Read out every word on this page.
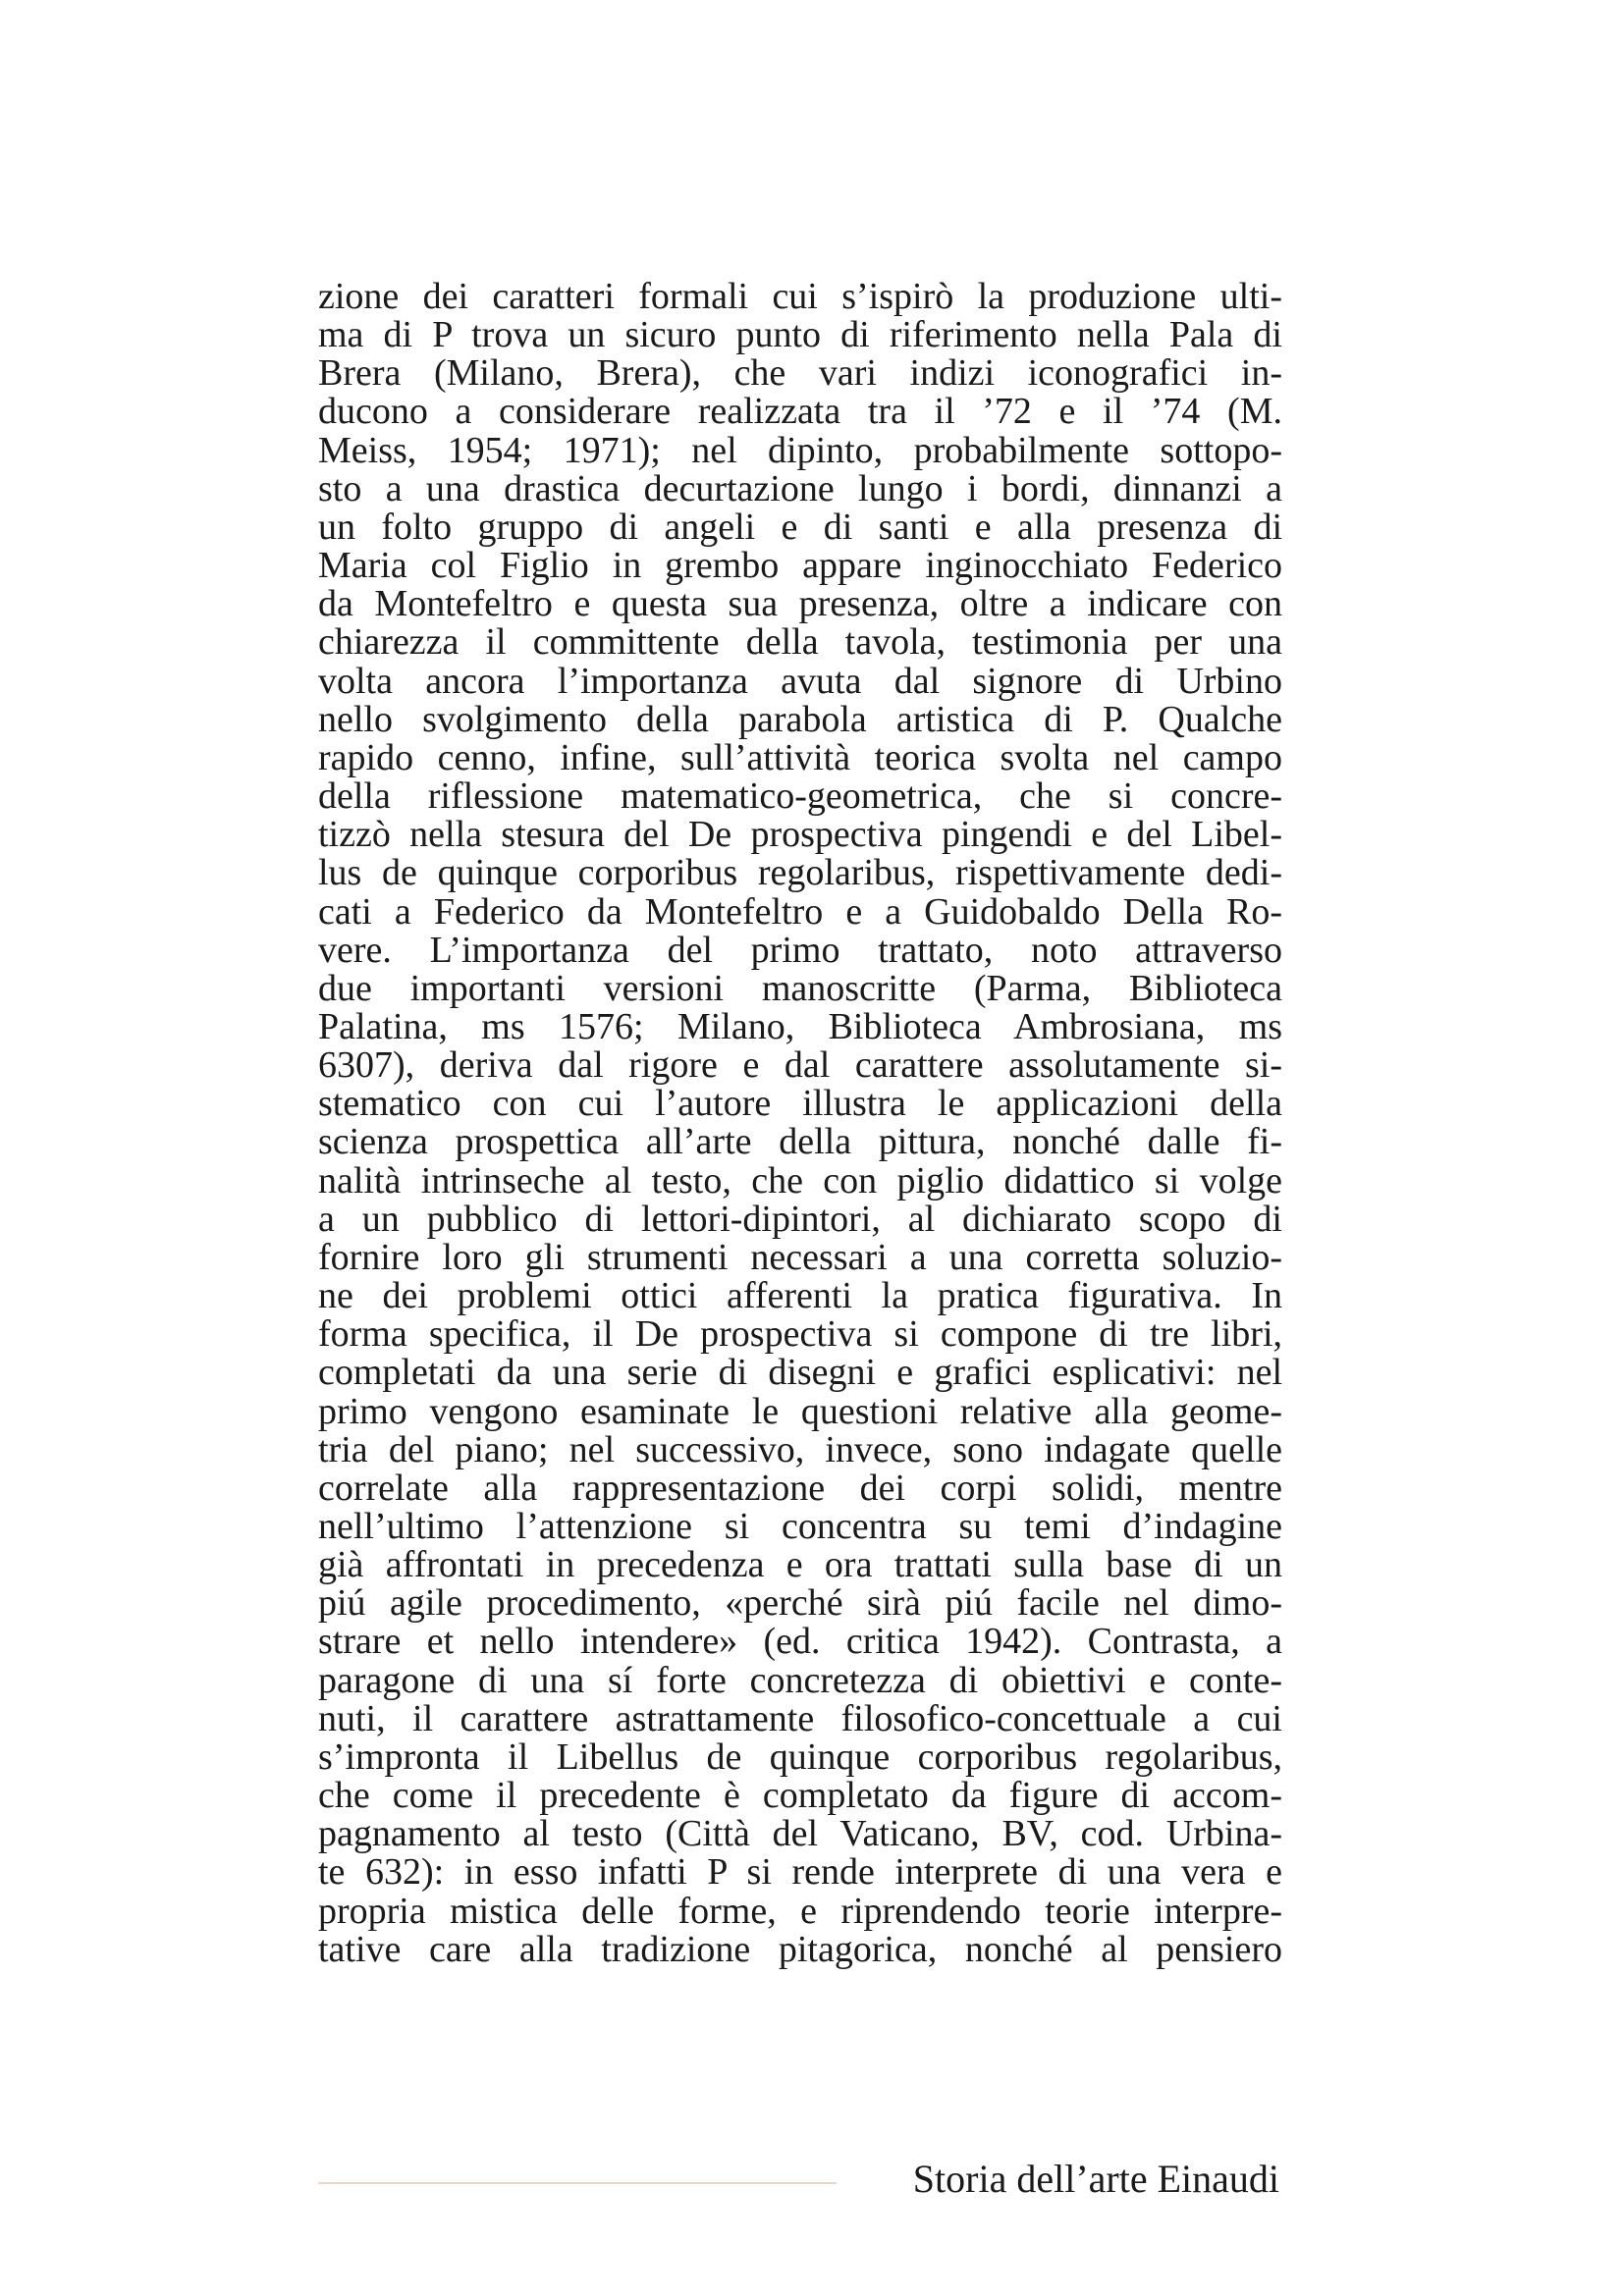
zione dei caratteri formali cui s’ispirò la produzione ulti-
ma di P trova un sicuro punto di riferimento nella Pala di
Brera (Milano, Brera), che vari indizi iconografici in-
ducono a considerare realizzata tra il ’72 e il ’74 (M.
Meiss, 1954; 1971); nel dipinto, probabilmente sottopo-
sto a una drastica decurtazione lungo i bordi, dinnanzi a
un folto gruppo di angeli e di santi e alla presenza di
Maria col Figlio in grembo appare inginocchiato Federico
da Montefeltro e questa sua presenza, oltre a indicare con
chiarezza il committente della tavola, testimonia per una
volta ancora l’importanza avuta dal signore di Urbino
nello svolgimento della parabola artistica di P. Qualche
rapido cenno, infine, sull’attività teorica svolta nel campo
della riflessione matematico-geometrica, che si concre-
tizzò nella stesura del De prospectiva pingendi e del Libel-
lus de quinque corporibus regolaribus, rispettivamente dedi-
cati a Federico da Montefeltro e a Guidobaldo Della Ro-
vere. L’importanza del primo trattato, noto attraverso
due importanti versioni manoscritte (Parma, Biblioteca
Palatina, ms 1576; Milano, Biblioteca Ambrosiana, ms
6307), deriva dal rigore e dal carattere assolutamente si-
stematico con cui l’autore illustra le applicazioni della
scienza prospettica all’arte della pittura, nonché dalle fi-
nalità intrinseche al testo, che con piglio didattico si volge
a un pubblico di lettori-dipintori, al dichiarato scopo di
fornire loro gli strumenti necessari a una corretta soluzio-
ne dei problemi ottici afferenti la pratica figurativa. In
forma specifica, il De prospectiva si compone di tre libri,
completati da una serie di disegni e grafici esplicativi: nel
primo vengono esaminate le questioni relative alla geome-
tria del piano; nel successivo, invece, sono indagate quelle
correlate alla rappresentazione dei corpi solidi, mentre
nell’ultimo l’attenzione si concentra su temi d’indagine
già affrontati in precedenza e ora trattati sulla base di un
piú agile procedimento, «perché sirà piú facile nel dimo-
strare et nello intendere» (ed. critica 1942). Contrasta, a
paragone di una sí forte concretezza di obiettivi e conte-
nuti, il carattere astrattamente filosofico-concettuale a cui
s’impronta il Libellus de quinque corporibus regolaribus,
che come il precedente è completato da figure di accom-
pagnamento al testo (Città del Vaticano, BV, cod. Urbina-
te 632): in esso infatti P si rende interprete di una vera e
propria mistica delle forme, e riprendendo teorie interpre-
tative care alla tradizione pitagorica, nonché al pensiero
Storia dell’arte Einaudi
